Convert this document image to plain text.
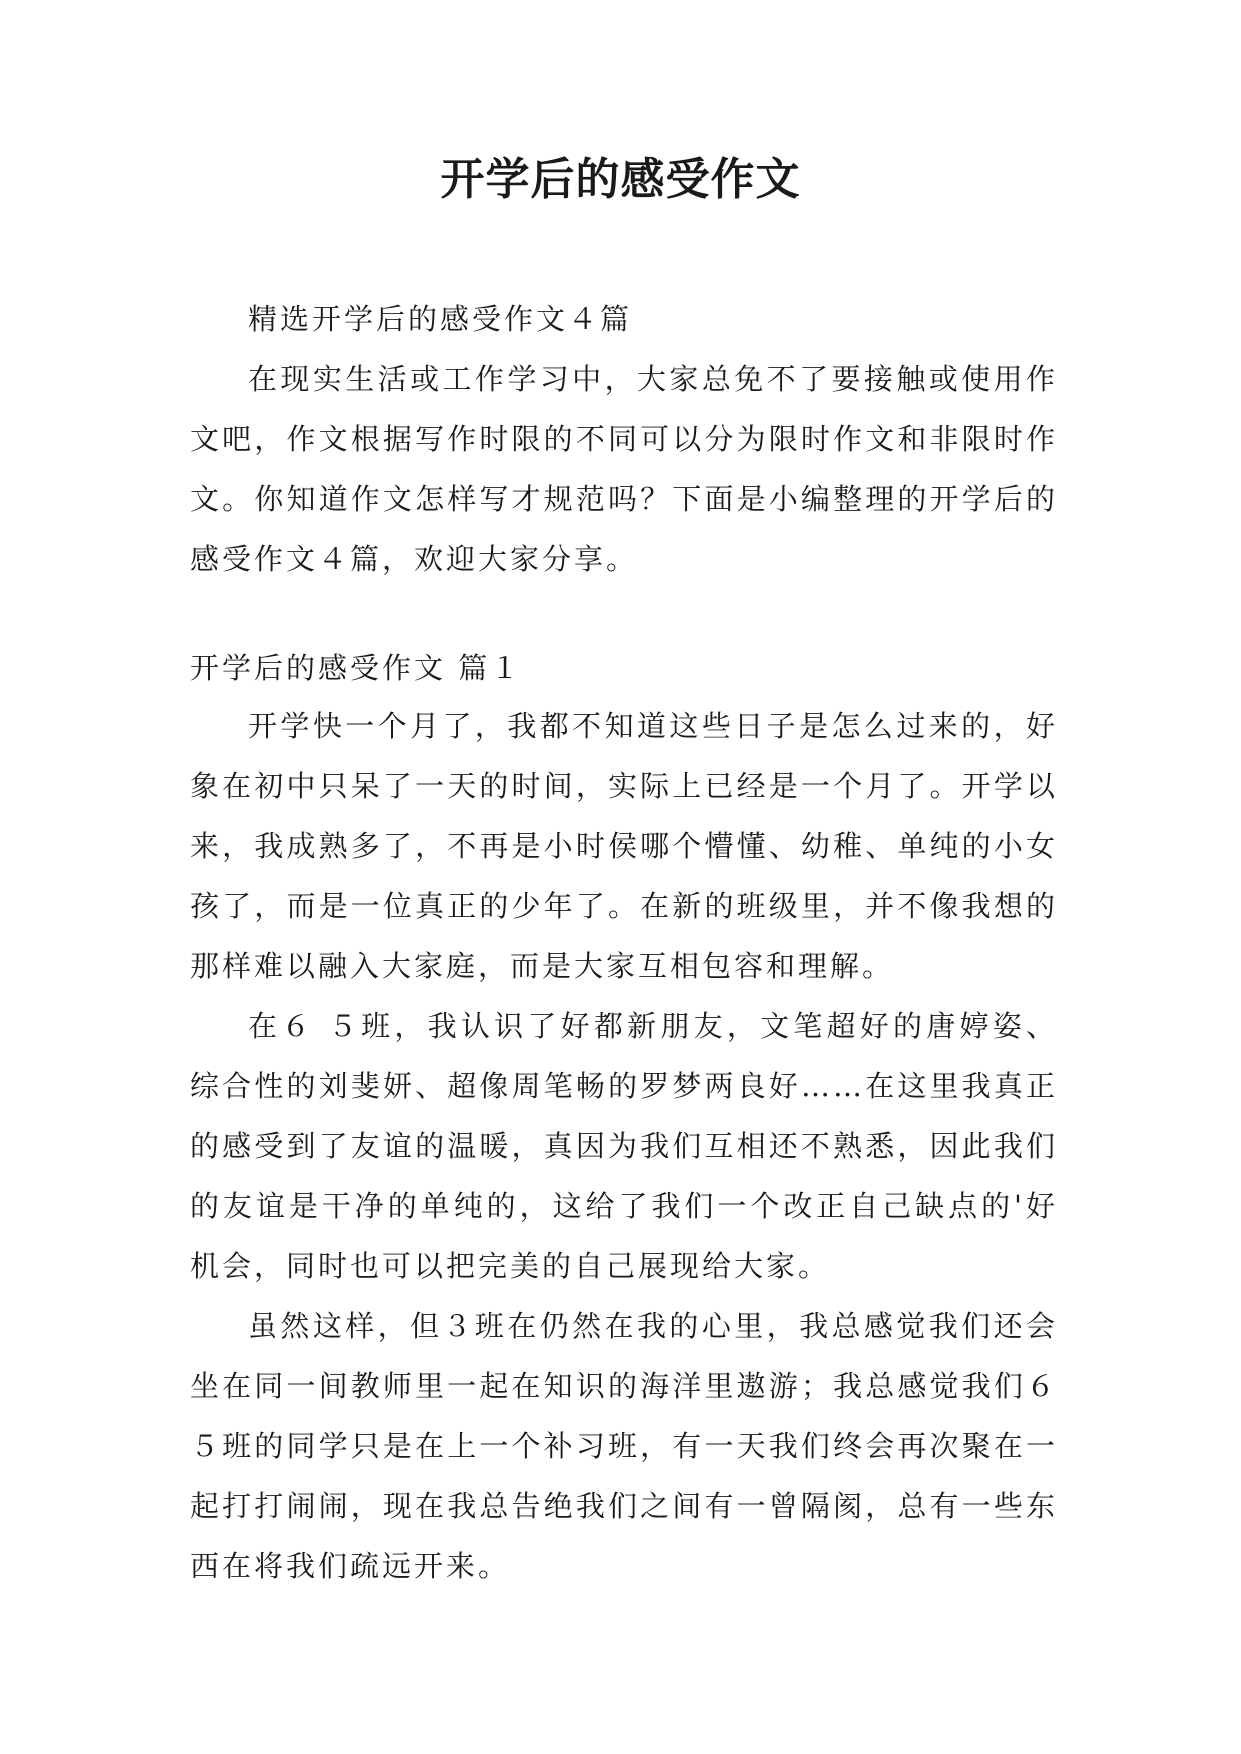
开学后的感受作文

精选开学后的感受作文４篇

在现实生活或工作学习中，大家总免不了要接触或使用作文吧，作文根据写作时限的不同可以分为限时作文和非限时作文。你知道作文怎样写才规范吗？下面是小编整理的开学后的感受作文４篇，欢迎大家分享。

开学后的感受作文 篇１

开学快一个月了，我都不知道这些日子是怎么过来的，好象在初中只呆了一天的时间，实际上已经是一个月了。开学以来，我成熟多了，不再是小时侯哪个懵懂、幼稚、单纯的小女孩了，而是一位真正的少年了。在新的班级里，并不像我想的那样难以融入大家庭，而是大家互相包容和理解。

在６ ５班，我认识了好都新朋友，文笔超好的唐婷姿、综合性的刘斐妍、超像周笔畅的罗梦两良好……在这里我真正的感受到了友谊的温暖，真因为我们互相还不熟悉，因此我们的友谊是干净的单纯的，这给了我们一个改正自己缺点的'好机会，同时也可以把完美的自己展现给大家。

虽然这样，但３班在仍然在我的心里，我总感觉我们还会坐在同一间教师里一起在知识的海洋里遨游；我总感觉我们６ ５班的同学只是在上一个补习班，有一天我们终会再次聚在一起打打闹闹，现在我总告绝我们之间有一曾隔阂，总有一些东西在将我们疏远开来。
